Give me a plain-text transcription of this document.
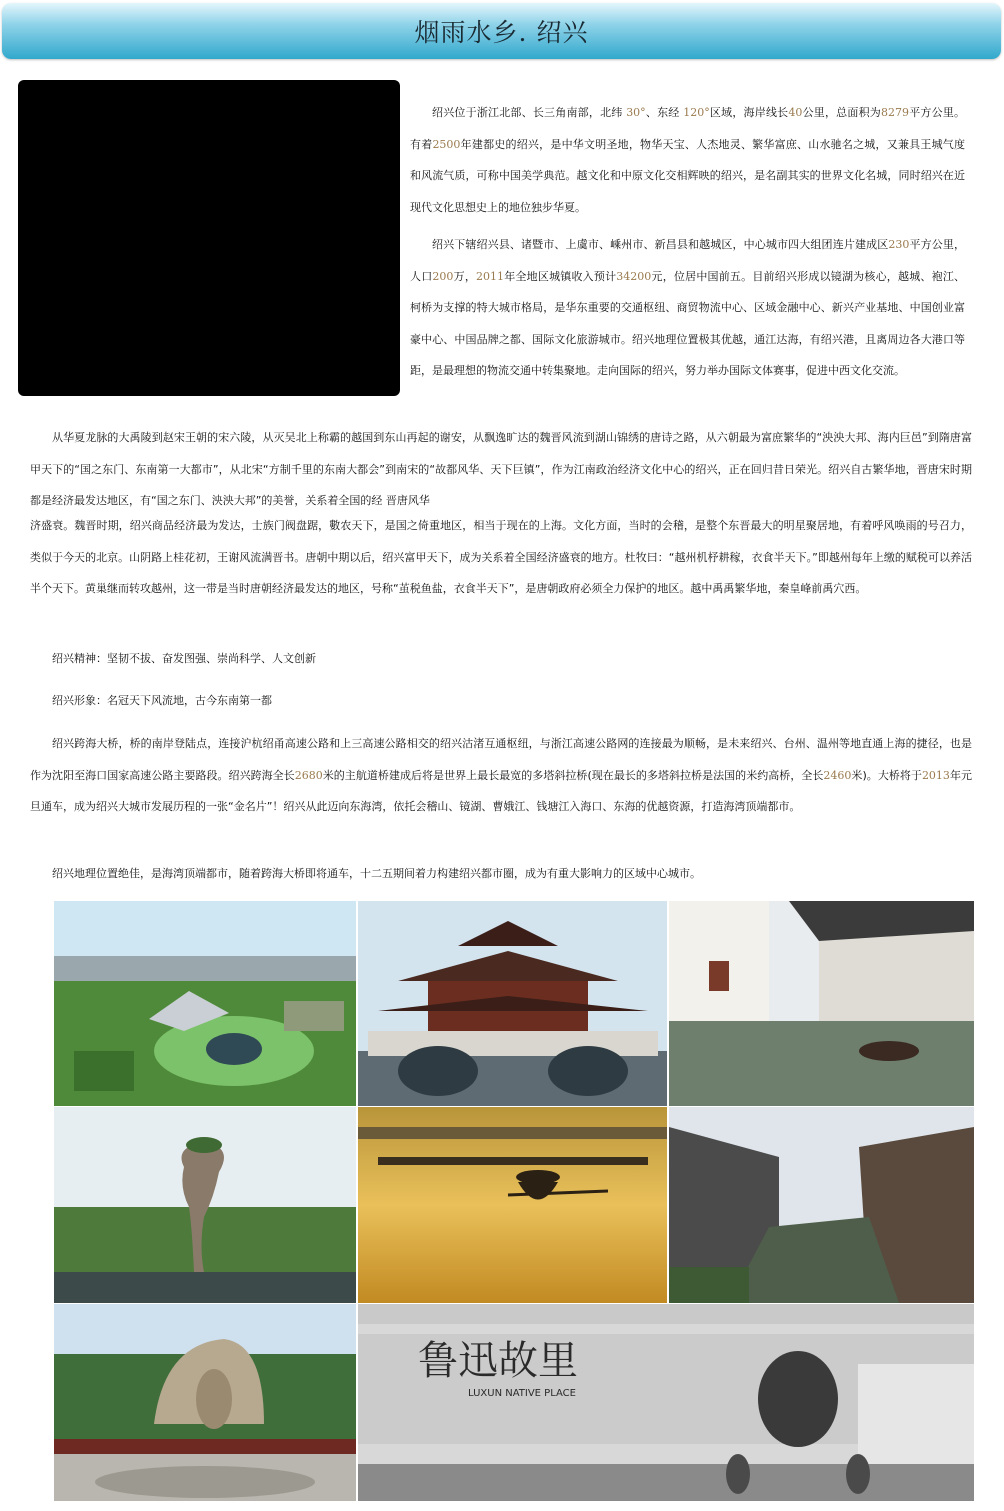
烟雨水乡. 绍兴

绍兴位于浙江北部、长三角南部，北纬 30°、东经 120°区域，海岸线长40公里，总面积为8279平方公里。有着2500年建都史的绍兴，是中华文明圣地，物华天宝、人杰地灵、繁华富庶、山水驰名之城，又兼具王城气度和风流气质，可称中国美学典范。越文化和中原文化交相辉映的绍兴，是名副其实的世界文化名城，同时绍兴在近现代文化思想史上的地位独步华夏。

绍兴下辖绍兴县、诸暨市、上虞市、嵊州市、新昌县和越城区，中心城市四大组团连片建成区230平方公里，人口200万，2011年全地区城镇收入预计34200元，位居中国前五。目前绍兴形成以镜湖为核心，越城、袍江、柯桥为支撑的特大城市格局，是华东重要的交通枢纽、商贸物流中心、区域金融中心、新兴产业基地、中国创业富豪中心、中国品牌之都、国际文化旅游城市。绍兴地理位置极其优越，通江达海，有绍兴港，且离周边各大港口等距，是最理想的物流交通中转集聚地。走向国际的绍兴，努力举办国际文体赛事，促进中西文化交流。

从华夏龙脉的大禹陵到赵宋王朝的宋六陵，从灭吴北上称霸的越国到东山再起的谢安，从飘逸旷达的魏晋风流到湖山锦绣的唐诗之路，从六朝最为富庶繁华的“泱泱大邦、海内巨邑”到隋唐富甲天下的“国之东门、东南第一大都市”，从北宋“方制千里的东南大都会”到南宋的“故都风华、天下巨镇”，作为江南政治经济文化中心的绍兴，正在回归昔日荣光。绍兴自古繁华地，晋唐宋时期都是经济最发达地区，有“国之东门、泱泱大邦”的美誉，关系着全国的经 晋唐风华

济盛衰。魏晋时期，绍兴商品经济最为发达，士族门阀盘踞，數农天下，是国之倚重地区，相当于现在的上海。文化方面，当时的会稽，是整个东晋最大的明星聚居地，有着呼风唤雨的号召力，类似于今天的北京。山阴路上桂花初，王谢风流满晋书。唐朝中期以后，绍兴富甲天下，成为关系着全国经济盛衰的地方。杜牧曰：“越州机杼耕稼，衣食半天下。”即越州每年上缴的赋税可以养活半个天下。黄巢继而转攻越州，这一带是当时唐朝经济最发达的地区，号称“茧税鱼盐，衣食半天下”，是唐朝政府必须全力保护的地区。越中禹禹繁华地，秦皇峰前禹穴西。

绍兴精神：坚韧不拔、奋发图强、崇尚科学、人文创新

绍兴形象：名冠天下风流地，古今东南第一都

绍兴跨海大桥，桥的南岸登陆点，连接沪杭绍甬高速公路和上三高速公路相交的绍兴沽渚互通枢纽，与浙江高速公路网的连接最为顺畅，是未来绍兴、台州、温州等地直通上海的捷径，也是作为沈阳至海口国家高速公路主要路段。绍兴跨海全长2680米的主航道桥建成后将是世界上最长最宽的多塔斜拉桥(现在最长的多塔斜拉桥是法国的米约高桥，全长2460米)。大桥将于2013年元旦通车，成为绍兴大城市发展历程的一张“金名片”！绍兴从此迈向东海湾，依托会稽山、镜湖、曹娥江、钱塘江入海口、东海的优越资源，打造海湾顶端都市。

绍兴地理位置绝佳，是海湾顶端都市，随着跨海大桥即将通车，十二五期间着力构建绍兴都市圈，成为有重大影响力的区域中心城市。

鲁迅故里
LUXUN NATIVE PLACE
